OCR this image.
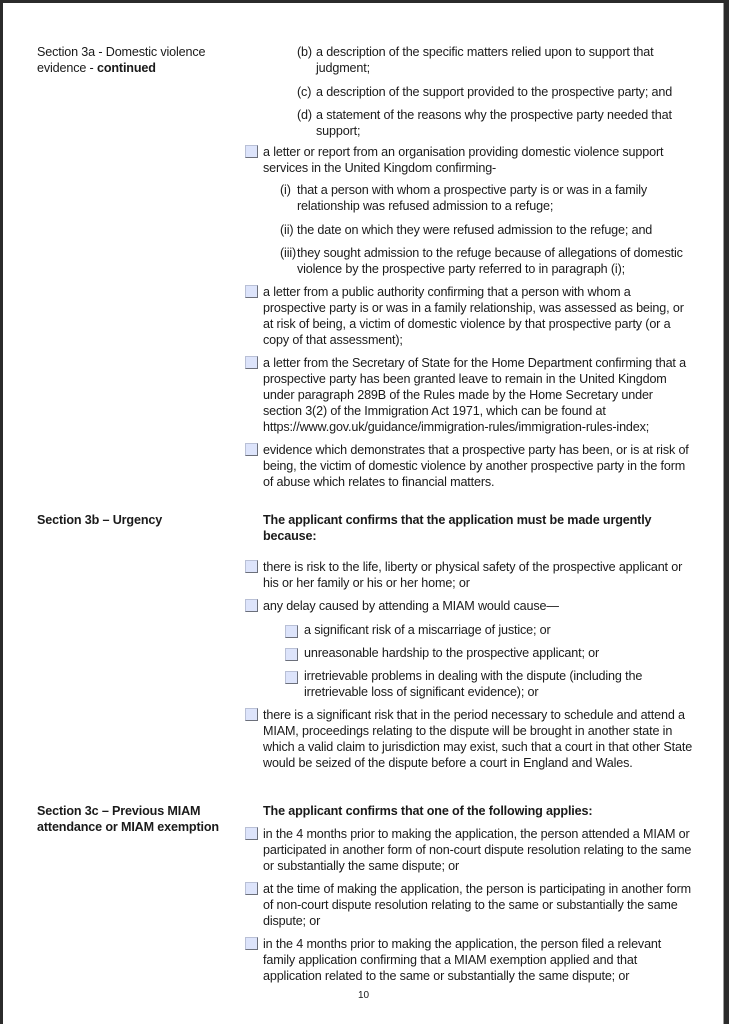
Section 3a - Domestic violence evidence - continued
(b) a description of the specific matters relied upon to support that judgment;
(c) a description of the support provided to the prospective party; and
(d) a statement of the reasons why the prospective party needed that support;
a letter or report from an organisation providing domestic violence support services in the United Kingdom confirming-
(i) that a person with whom a prospective party is or was in a family relationship was refused admission to a refuge;
(ii) the date on which they were refused admission to the refuge; and
(iii) they sought admission to the refuge because of allegations of domestic violence by the prospective party referred to in paragraph (i);
a letter from a public authority confirming that a person with whom a prospective party is or was in a family relationship, was assessed as being, or at risk of being, a victim of domestic violence by that prospective party (or a copy of that assessment);
a letter from the Secretary of State for the Home Department confirming that a prospective party has been granted leave to remain in the United Kingdom under paragraph 289B of the Rules made by the Home Secretary under section 3(2) of the Immigration Act 1971, which can be found at https://www.gov.uk/guidance/immigration-rules/immigration-rules-index;
evidence which demonstrates that a prospective party has been, or is at risk of being, the victim of domestic violence by another prospective party in the form of abuse which relates to financial matters.
Section 3b – Urgency	The applicant confirms that the application must be made urgently because:
there is risk to the life, liberty or physical safety of the prospective applicant or his or her family or his or her home; or
any delay caused by attending a MIAM would cause—
a significant risk of a miscarriage of justice; or
unreasonable hardship to the prospective applicant; or
irretrievable problems in dealing with the dispute (including the irretrievable loss of significant evidence); or
there is a significant risk that in the period necessary to schedule and attend a MIAM, proceedings relating to the dispute will be brought in another state in which a valid claim to jurisdiction may exist, such that a court in that other State would be seized of the dispute before a court in England and Wales.
Section 3c – Previous MIAM attendance or MIAM exemption
The applicant confirms that one of the following applies:
in the 4 months prior to making the application, the person attended a MIAM or participated in another form of non-court dispute resolution relating to the same or substantially the same dispute; or
at the time of making the application, the person is participating in another form of non-court dispute resolution relating to the same or substantially the same dispute; or
in the 4 months prior to making the application, the person filed a relevant family application confirming that a MIAM exemption applied and that application related to the same or substantially the same dispute; or
10
